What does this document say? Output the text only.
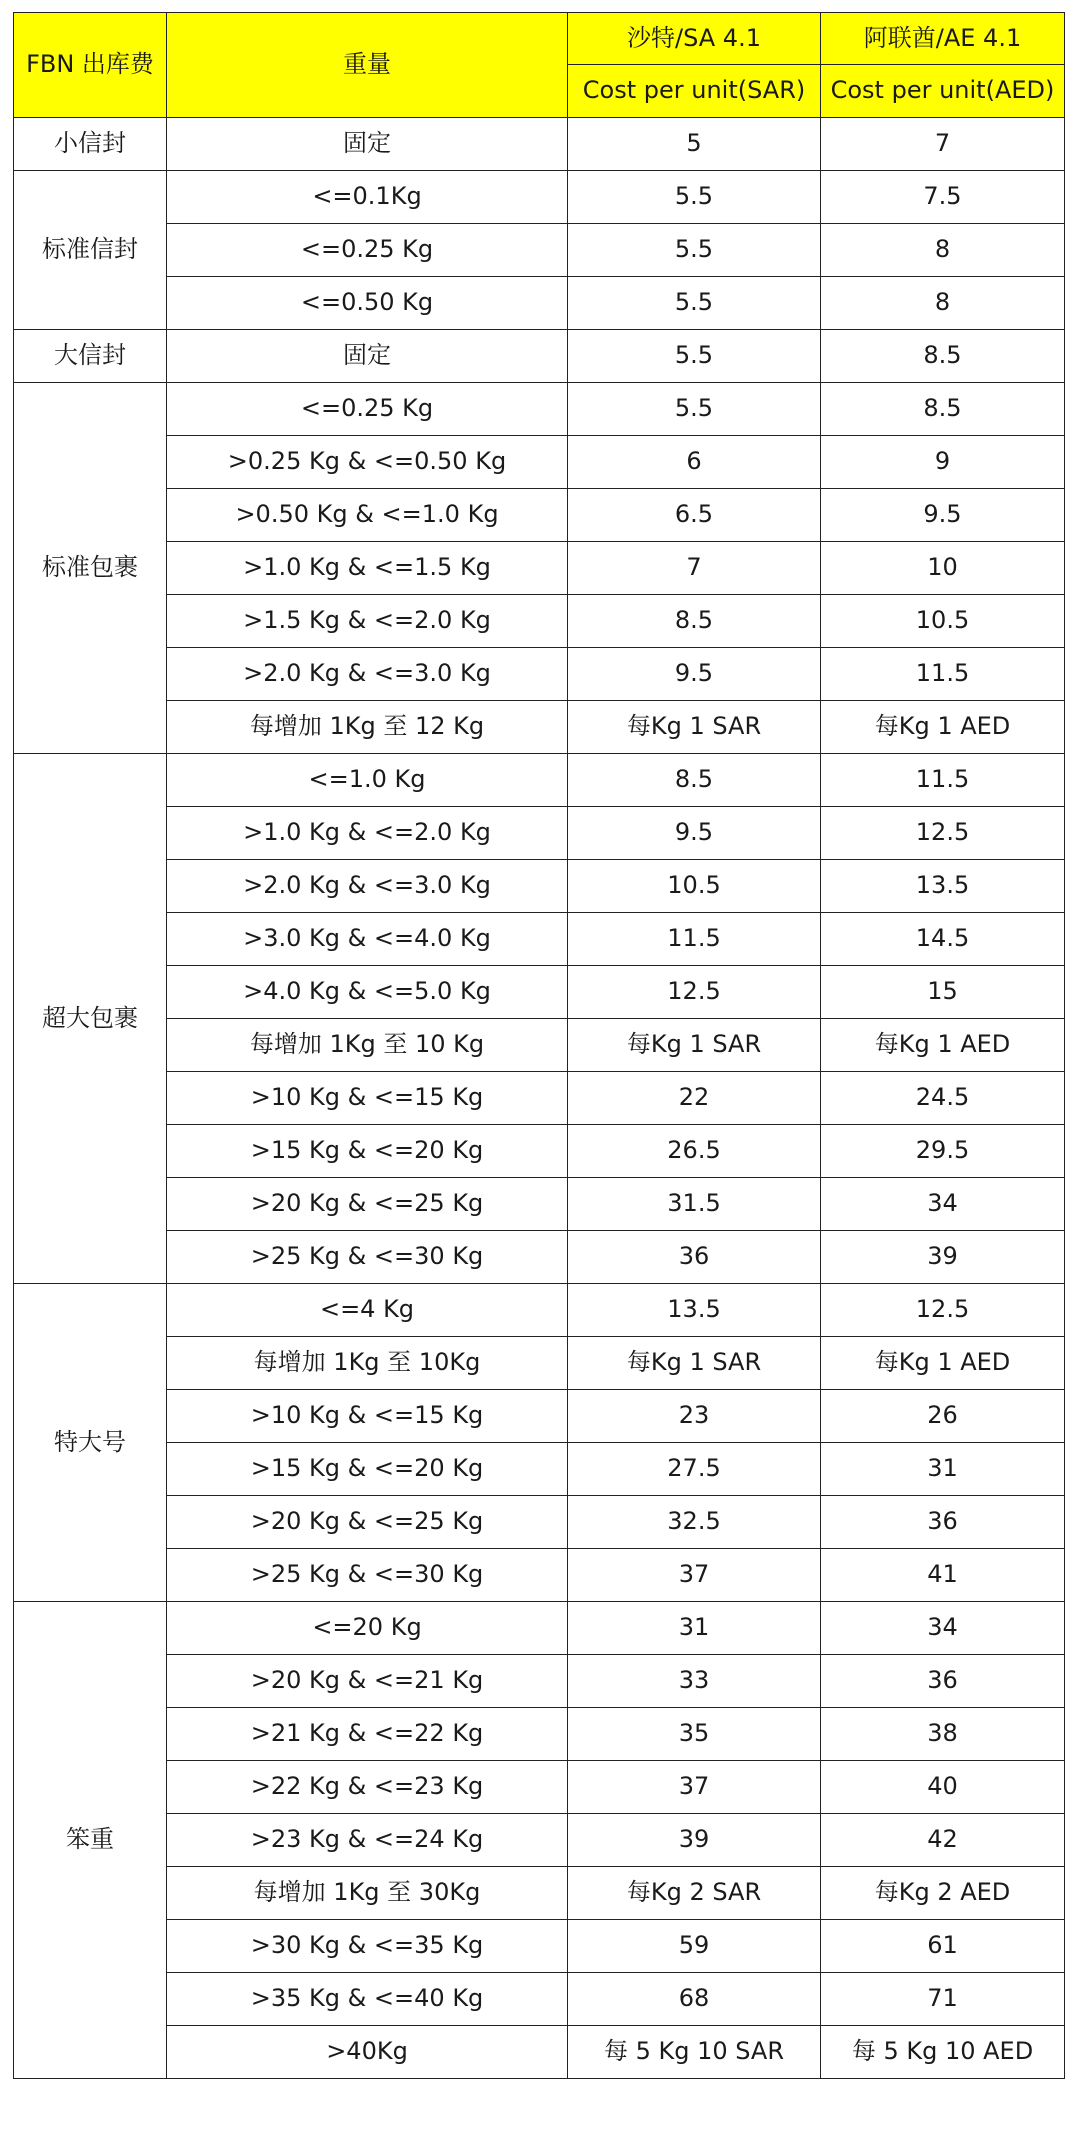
FBN 出库费	重量	沙特/SA 4.1	阿联酋/AE 4.1
		Cost per unit(SAR)	Cost per unit(AED)
小信封	固定	5	7
标准信封	<=0.1Kg	5.5	7.5
	<=0.25 Kg	5.5	8
	<=0.50 Kg	5.5	8
大信封	固定	5.5	8.5
标准包裹	<=0.25 Kg	5.5	8.5
	>0.25 Kg & <=0.50 Kg	6	9
	>0.50 Kg & <=1.0 Kg	6.5	9.5
	>1.0 Kg & <=1.5 Kg	7	10
	>1.5 Kg & <=2.0 Kg	8.5	10.5
	>2.0 Kg & <=3.0 Kg	9.5	11.5
	每增加 1Kg 至 12 Kg	每Kg 1 SAR	每Kg 1 AED
超大包裹	<=1.0 Kg	8.5	11.5
	>1.0 Kg & <=2.0 Kg	9.5	12.5
	>2.0 Kg & <=3.0 Kg	10.5	13.5
	>3.0 Kg & <=4.0 Kg	11.5	14.5
	>4.0 Kg & <=5.0 Kg	12.5	15
	每增加 1Kg 至 10 Kg	每Kg 1 SAR	每Kg 1 AED
	>10 Kg & <=15 Kg	22	24.5
	>15 Kg & <=20 Kg	26.5	29.5
	>20 Kg & <=25 Kg	31.5	34
	>25 Kg & <=30 Kg	36	39
特大号	<=4 Kg	13.5	12.5
	每增加 1Kg 至 10Kg	每Kg 1 SAR	每Kg 1 AED
	>10 Kg & <=15 Kg	23	26
	>15 Kg & <=20 Kg	27.5	31
	>20 Kg & <=25 Kg	32.5	36
	>25 Kg & <=30 Kg	37	41
笨重	<=20 Kg	31	34
	>20 Kg & <=21 Kg	33	36
	>21 Kg & <=22 Kg	35	38
	>22 Kg & <=23 Kg	37	40
	>23 Kg & <=24 Kg	39	42
	每增加 1Kg 至 30Kg	每Kg 2 SAR	每Kg 2 AED
	>30 Kg & <=35 Kg	59	61
	>35 Kg & <=40 Kg	68	71
	>40Kg	每 5 Kg 10 SAR	每 5 Kg 10 AED
